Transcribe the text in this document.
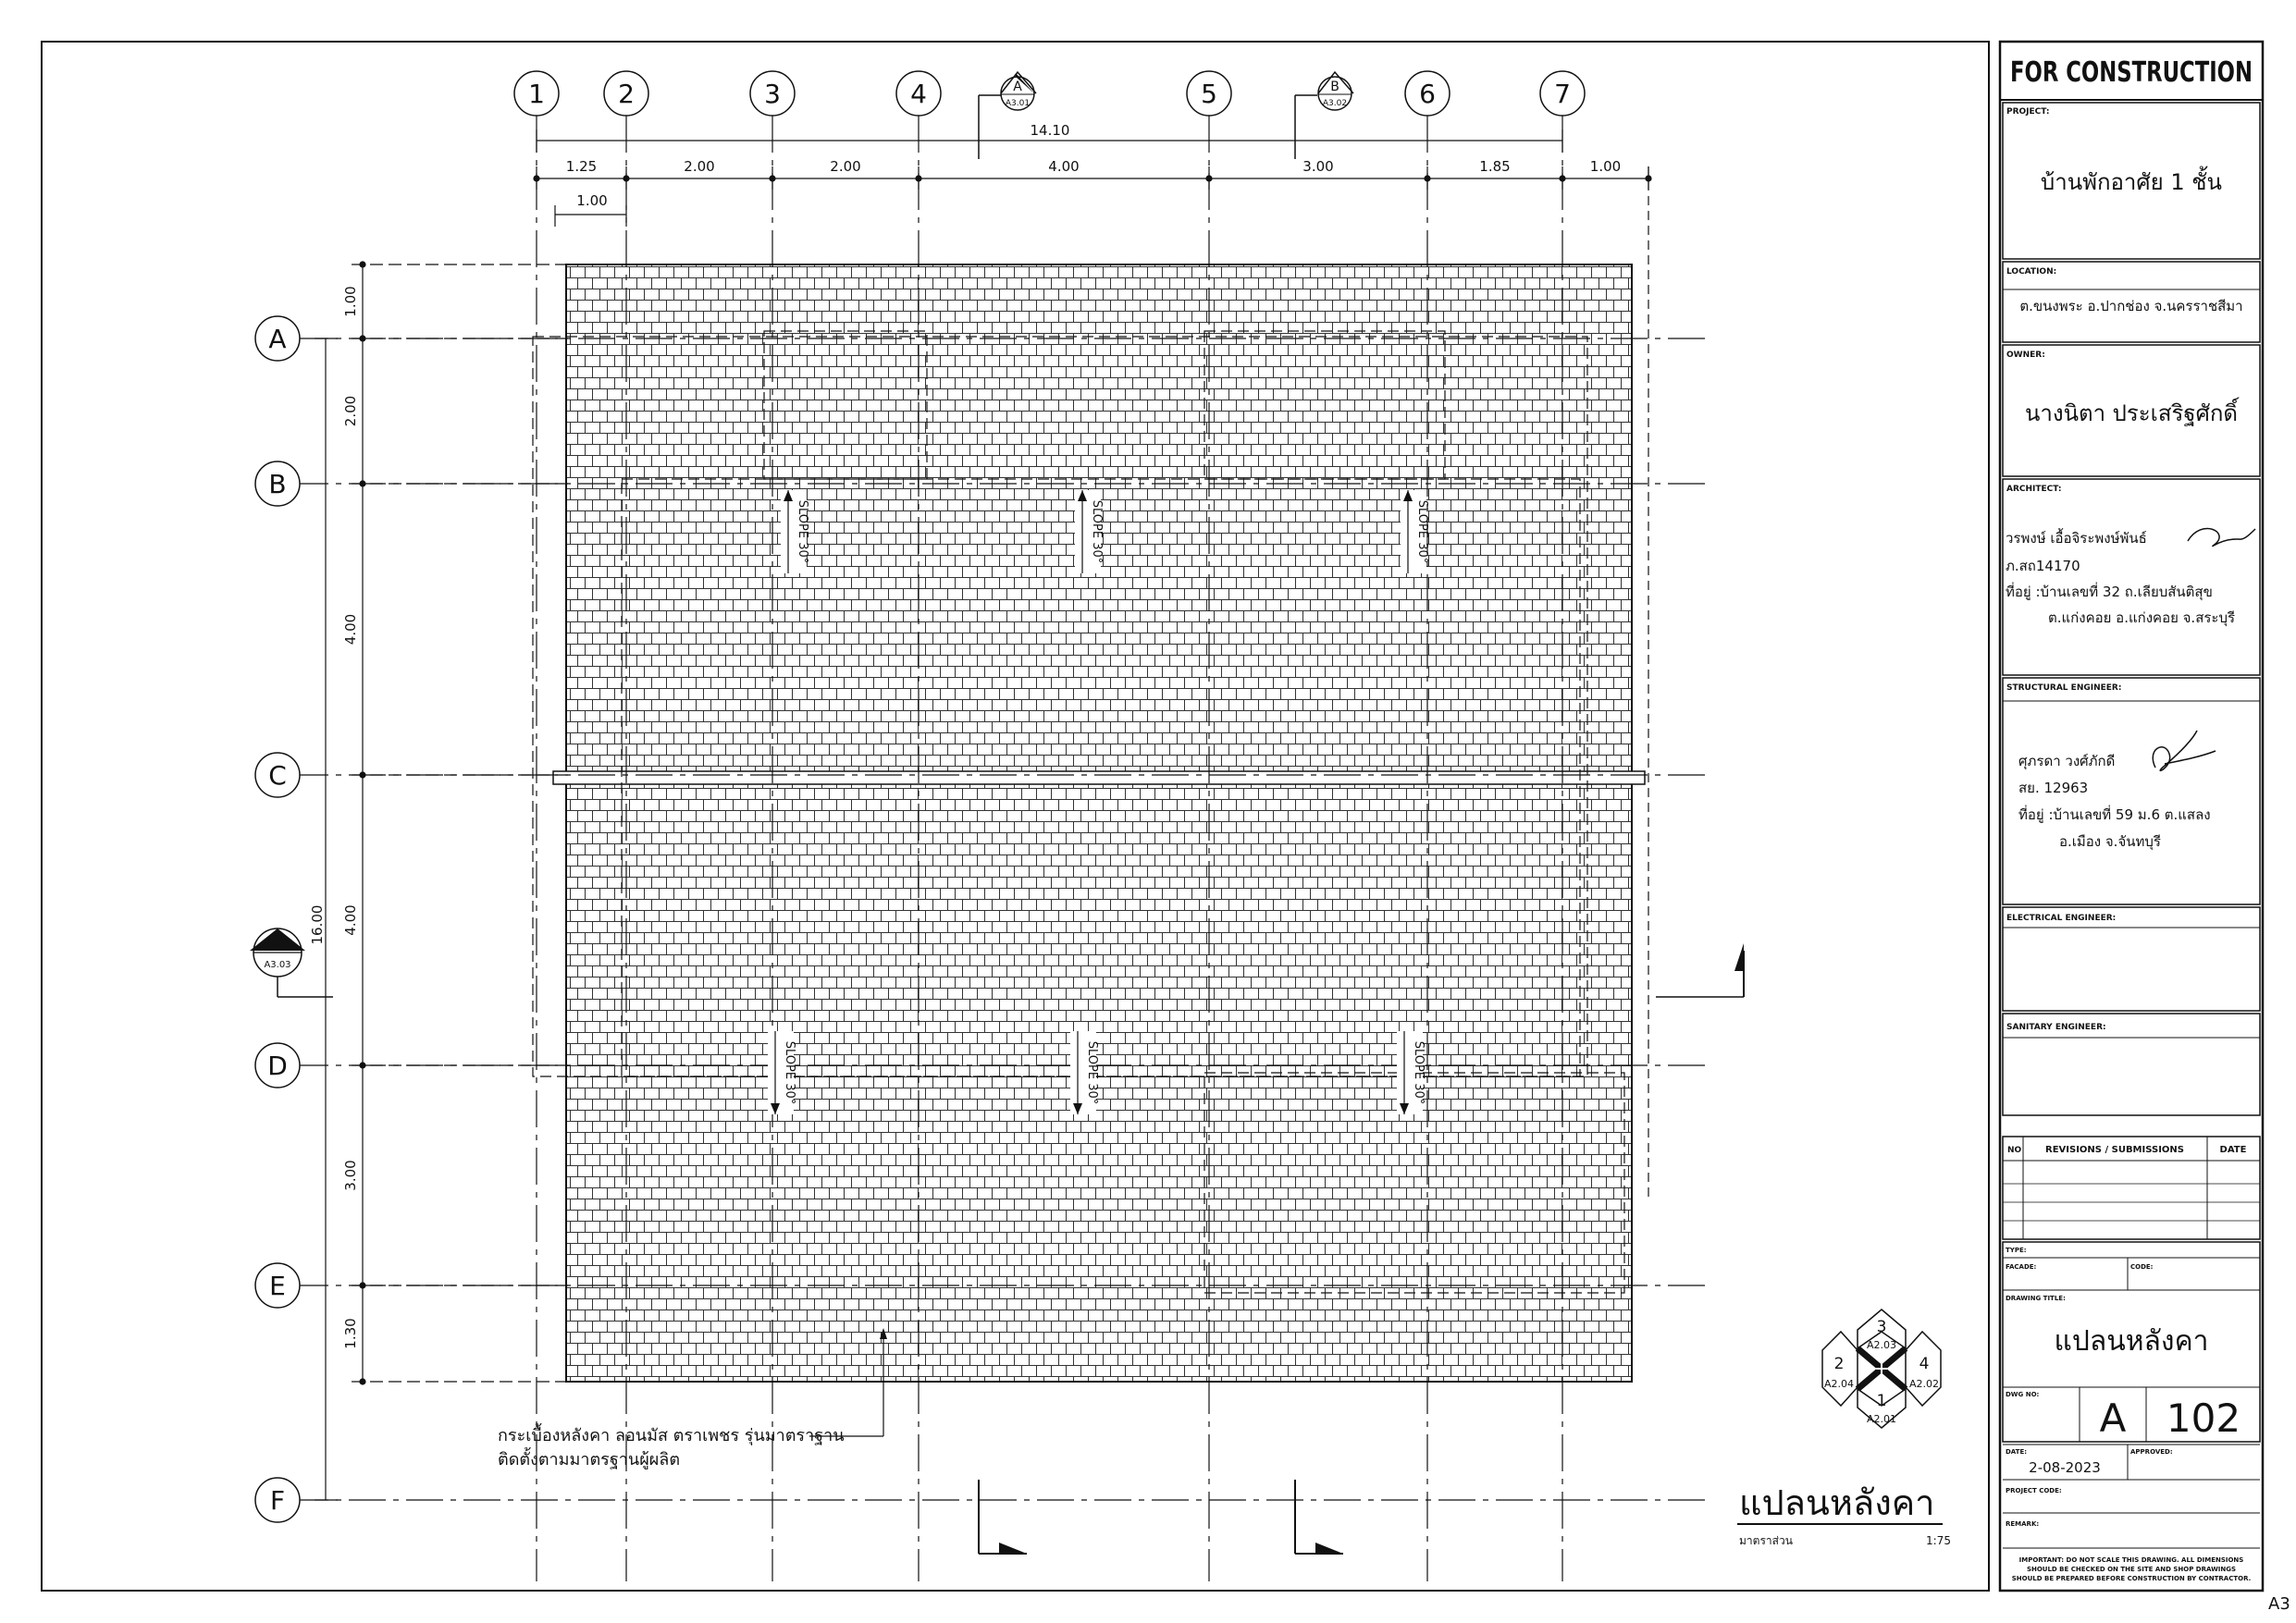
1	2	3	4	5	6	7
A
B
C
D
E
F
14.10
1.25	2.00	2.00	4.00	3.00	1.85	1.00
1.00
1.00
2.00
4.00
4.00
3.00
1.30
16.00
A
A3.01
B
A3.02
C
A3.03
SLOPE 30°	SLOPE 30°	SLOPE 30°
SLOPE 30°	SLOPE 30°	SLOPE 30°
กระเบื้องหลังคา ลอนมัส ตราเพชร รุ่นมาตราฐาน
ติดตั้งตามมาตรฐานผู้ผลิต
3
A2.03
2
A2.04
4
A2.02
1
A2.01
แปลนหลังคา
มาตราส่วน	1:75
FOR CONSTRUCTION
PROJECT:
บ้านพักอาศัย 1 ชั้น
LOCATION:
ต.ขนงพระ อ.ปากช่อง จ.นครราชสีมา
OWNER:
นางนิตา ประเสริฐศักดิ์
ARCHITECT:
วรพงษ์ เอื้อจิระพงษ์พันธ์
ภ.สถ14170
ที่อยู่ :บ้านเลขที่ 32 ถ.เลียบสันติสุข
ต.แก่งคอย อ.แก่งคอย จ.สระบุรี
STRUCTURAL ENGINEER:
ศุภรดา วงศ์ภักดี
สย. 12963
ที่อยู่ :บ้านเลขที่ 59 ม.6 ต.แสลง
อ.เมือง จ.จันทบุรี
ELECTRICAL ENGINEER:
SANITARY ENGINEER:
NO	REVISIONS / SUBMISSIONS	DATE
TYPE:
FACADE:	CODE:
DRAWING TITLE:
แปลนหลังคา
DWG NO:
A 102
DATE:
2-08-2023
APPROVED:
PROJECT CODE:
REMARK:
IMPORTANT: DO NOT SCALE THIS DRAWING. ALL DIMENSIONS
SHOULD BE CHECKED ON THE SITE AND SHOP DRAWINGS
SHOULD BE PREPARED BEFORE CONSTRUCTION BY CONTRACTOR.
A3
